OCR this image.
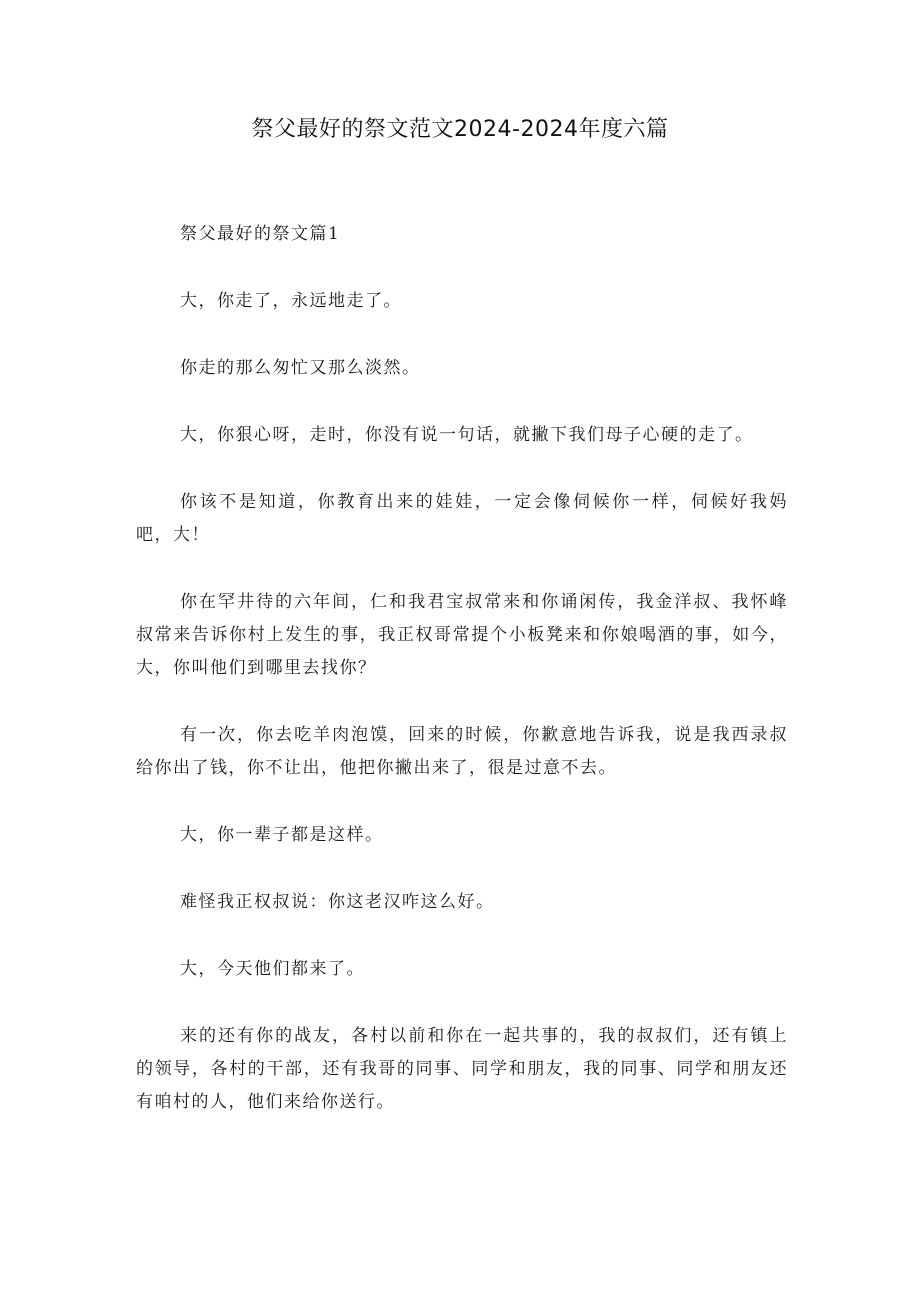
祭父最好的祭文范文2024-2024年度六篇

祭父最好的祭文篇1

大，你走了，永远地走了。

你走的那么匆忙又那么淡然。

大，你狠心呀，走时，你没有说一句话，就撇下我们母子心硬的走了。

你该不是知道，你教育出来的娃娃，一定会像伺候你一样，伺候好我妈吧，大！

你在罕井待的六年间，仁和我君宝叔常来和你诵闲传，我金洋叔、我怀峰叔常来告诉你村上发生的事，我正权哥常提个小板凳来和你娘喝酒的事，如今，大，你叫他们到哪里去找你？

有一次，你去吃羊肉泡馍，回来的时候，你歉意地告诉我，说是我西录叔给你出了钱，你不让出，他把你撇出来了，很是过意不去。

大，你一辈子都是这样。

难怪我正权叔说：你这老汉咋这么好。

大，今天他们都来了。

来的还有你的战友，各村以前和你在一起共事的，我的叔叔们，还有镇上的领导，各村的干部，还有我哥的同事、同学和朋友，我的同事、同学和朋友还有咱村的人，他们来给你送行。
